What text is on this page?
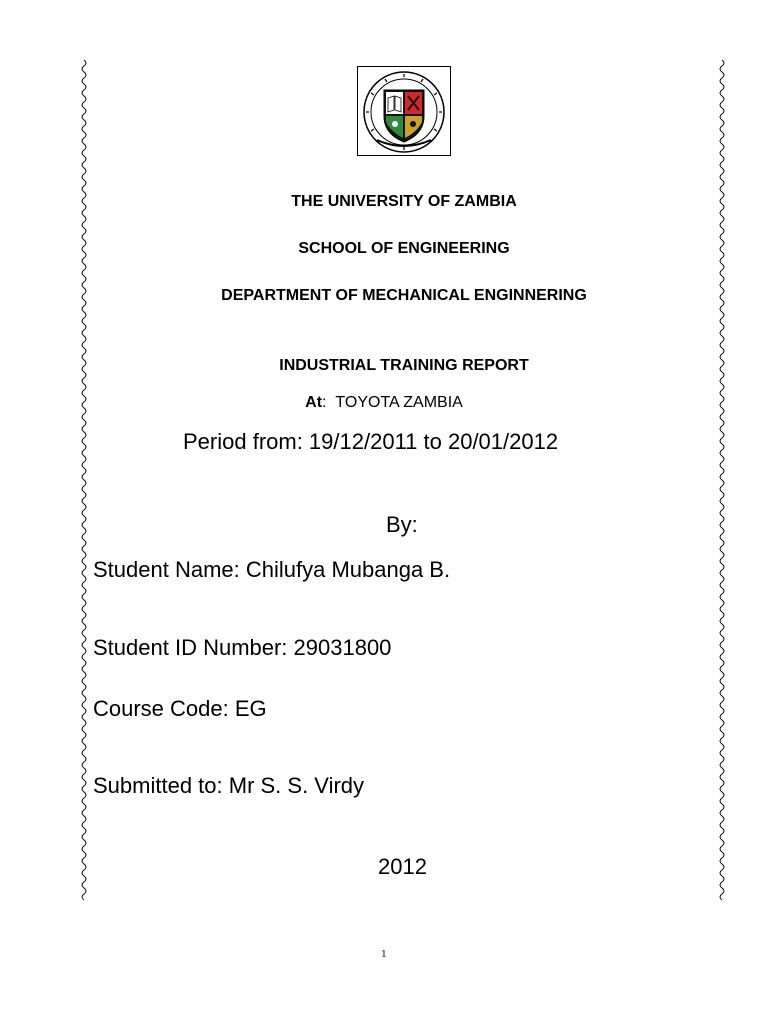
THE UNIVERSITY OF ZAMBIA
SCHOOL OF ENGINEERING
DEPARTMENT OF MECHANICAL ENGINNERING
INDUSTRIAL TRAINING REPORT
At: TOYOTA ZAMBIA
Period from: 19/12/2011 to 20/01/2012
By:
Student Name: Chilufya Mubanga B.
Student ID Number: 29031800
Course Code: EG
Submitted to: Mr S. S. Virdy
2012
1
